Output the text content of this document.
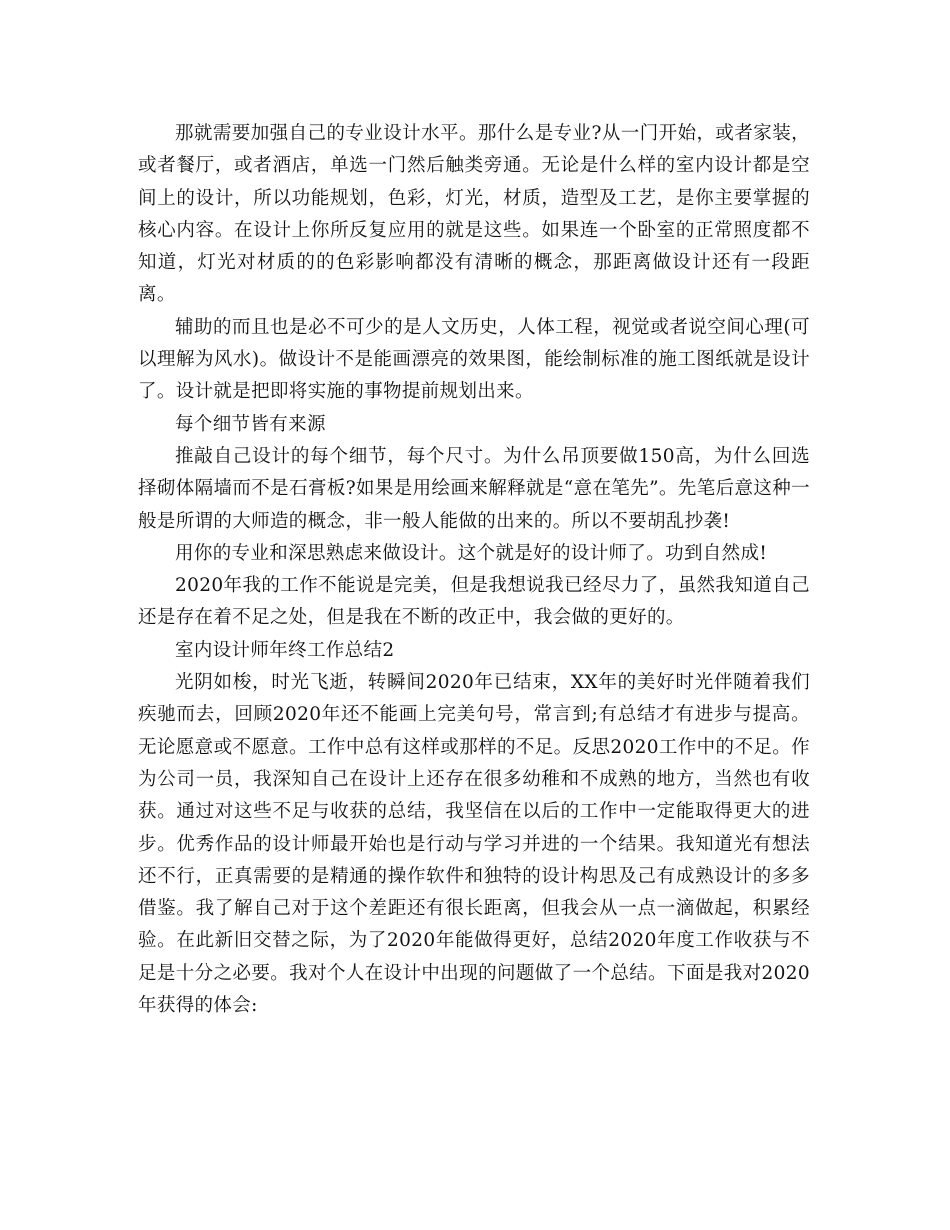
那就需要加强自己的专业设计水平。那什么是专业?从一门开始，或者家装，或者餐厅，或者酒店，单选一门然后触类旁通。无论是什么样的室内设计都是空间上的设计，所以功能规划，色彩，灯光，材质，造型及工艺，是你主要掌握的核心内容。在设计上你所反复应用的就是这些。如果连一个卧室的正常照度都不知道，灯光对材质的的色彩影响都没有清晰的概念，那距离做设计还有一段距离。

辅助的而且也是必不可少的是人文历史，人体工程，视觉或者说空间心理(可以理解为风水)。做设计不是能画漂亮的效果图，能绘制标准的施工图纸就是设计了。设计就是把即将实施的事物提前规划出来。

每个细节皆有来源

推敲自己设计的每个细节，每个尺寸。为什么吊顶要做150高，为什么回选择砌体隔墙而不是石膏板?如果是用绘画来解释就是“意在笔先”。先笔后意这种一般是所谓的大师造的概念，非一般人能做的出来的。所以不要胡乱抄袭!

用你的专业和深思熟虑来做设计。这个就是好的设计师了。功到自然成!

2020年我的工作不能说是完美，但是我想说我已经尽力了，虽然我知道自己还是存在着不足之处，但是我在不断的改正中，我会做的更好的。

室内设计师年终工作总结2

光阴如梭，时光飞逝，转瞬间2020年已结束，XX年的美好时光伴随着我们疾驰而去，回顾2020年还不能画上完美句号，常言到;有总结才有进步与提高。无论愿意或不愿意。工作中总有这样或那样的不足。反思2020工作中的不足。作为公司一员，我深知自己在设计上还存在很多幼稚和不成熟的地方，当然也有收获。通过对这些不足与收获的总结，我坚信在以后的工作中一定能取得更大的进步。优秀作品的设计师最开始也是行动与学习并进的一个结果。我知道光有想法还不行，正真需要的是精通的操作软件和独特的设计构思及己有成熟设计的多多借鉴。我了解自己对于这个差距还有很长距离，但我会从一点一滴做起，积累经验。在此新旧交替之际，为了2020年能做得更好，总结2020年度工作收获与不足是十分之必要。我对个人在设计中出现的问题做了一个总结。下面是我对2020年获得的体会:
